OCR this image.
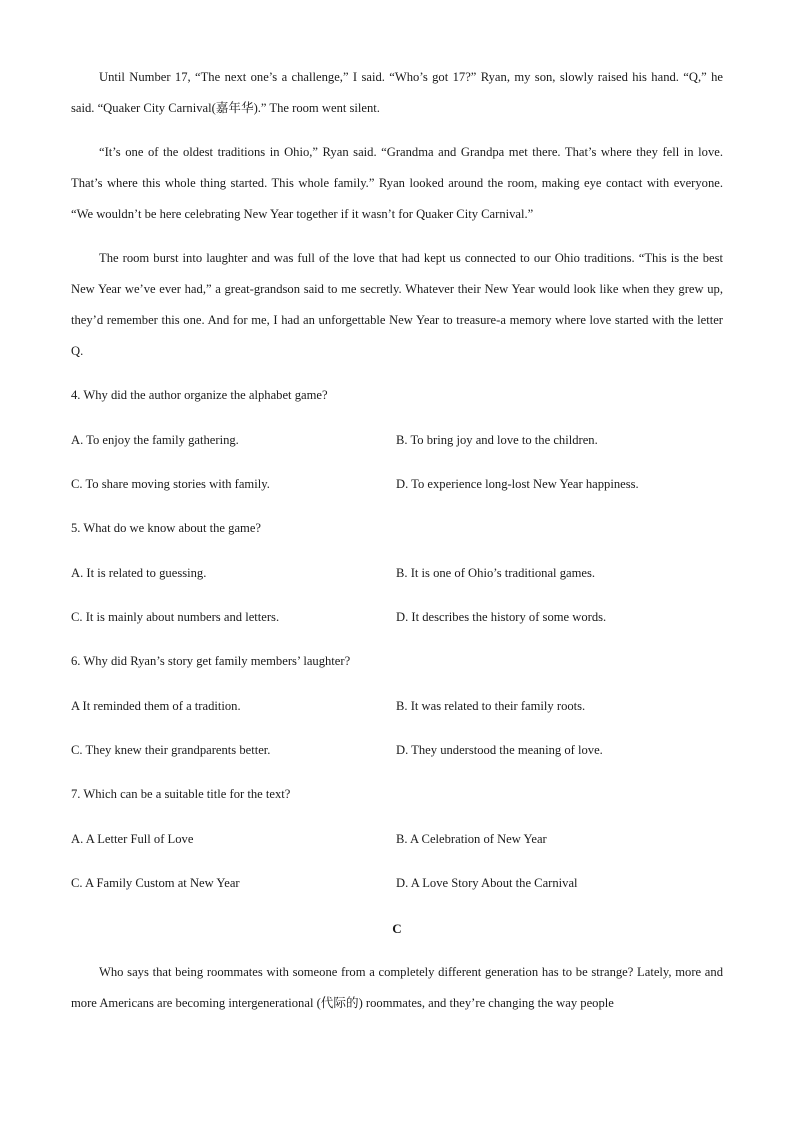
Until Number 17, “The next one’s a challenge,” I said. “Who’s got 17?” Ryan, my son, slowly raised his hand. “Q,” he said. “Quaker City Carnival(嘉年华).” The room went silent.

“It’s one of the oldest traditions in Ohio,” Ryan said. “Grandma and Grandpa met there. That’s where they fell in love. That’s where this whole thing started. This whole family.” Ryan looked around the room, making eye contact with everyone. “We wouldn’t be here celebrating New Year together if it wasn’t for Quaker City Carnival.”

The room burst into laughter and was full of the love that had kept us connected to our Ohio traditions. “This is the best New Year we’ve ever had,” a great-grandson said to me secretly. Whatever their New Year would look like when they grew up, they’d remember this one. And for me, I had an unforgettable New Year to treasure-a memory where love started with the letter Q.

4. Why did the author organize the alphabet game?

A. To enjoy the family gathering.	B. To bring joy and love to the children.
C. To share moving stories with family.	D. To experience long-lost New Year happiness.

5. What do we know about the game?

A. It is related to guessing.	B. It is one of Ohio’s traditional games.
C. It is mainly about numbers and letters.	D. It describes the history of some words.

6. Why did Ryan’s story get family members’ laughter?

A It reminded them of a tradition.	B. It was related to their family roots.
C. They knew their grandparents better.	D. They understood the meaning of love.

7. Which can be a suitable title for the text?

A. A Letter Full of Love	B. A Celebration of New Year
C. A Family Custom at New Year	D. A Love Story About the Carnival
C

Who says that being roommates with someone from a completely different generation has to be strange? Lately, more and more Americans are becoming intergenerational (代际的) roommates, and they’re changing the way people
